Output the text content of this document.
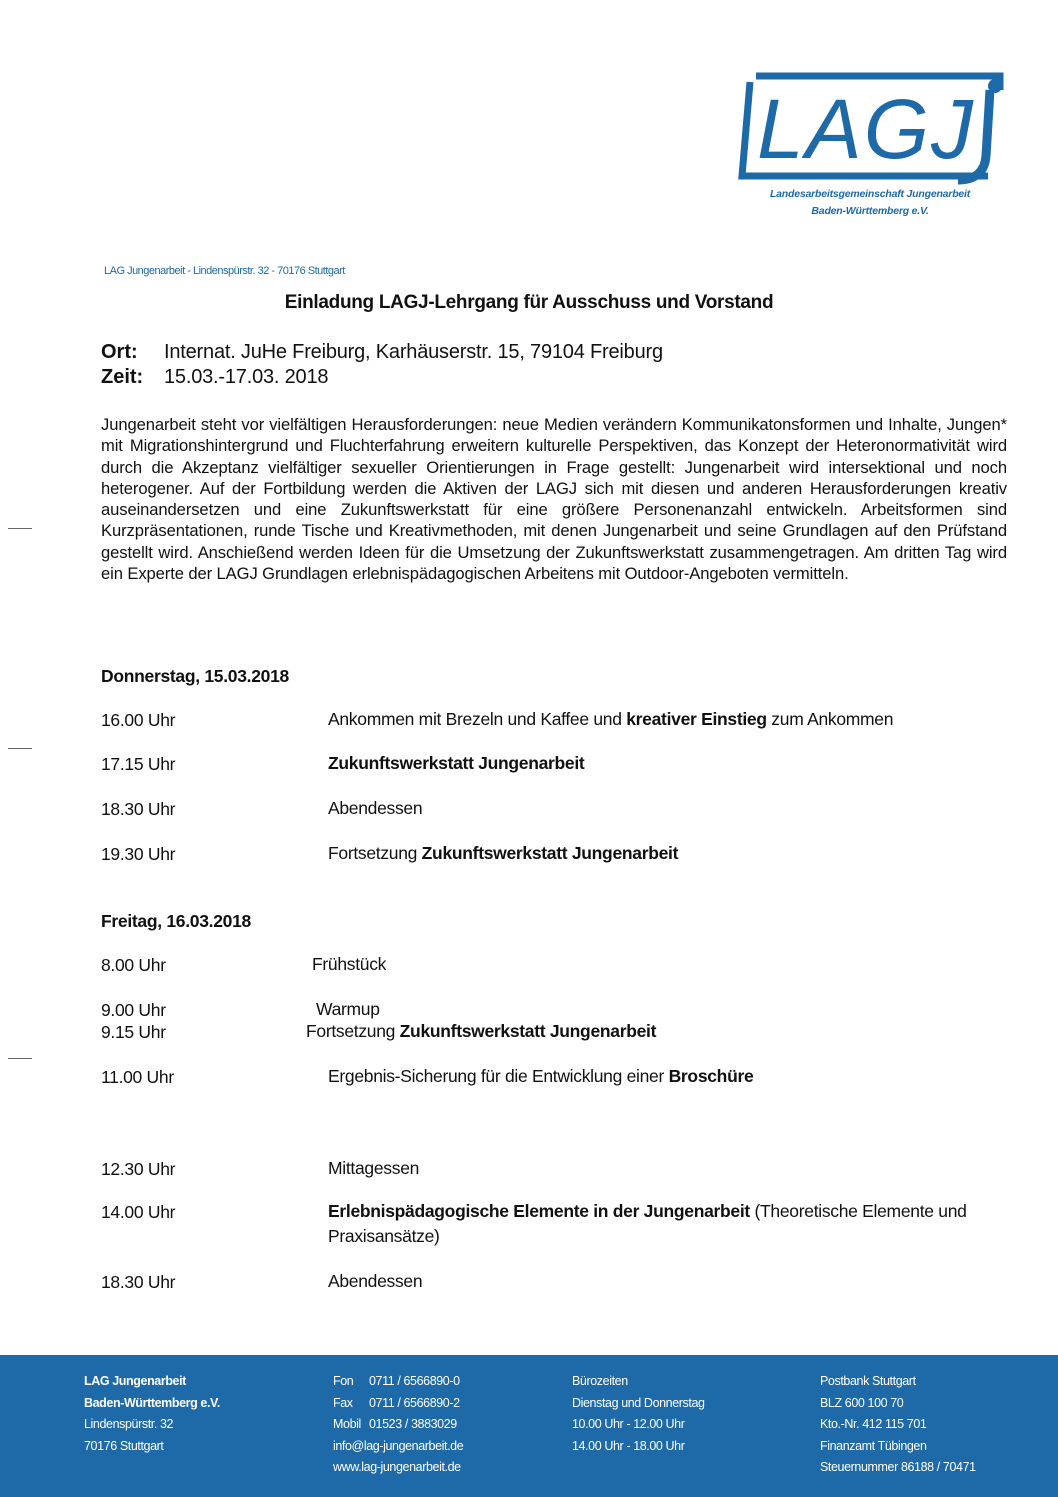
LAGJ
Landesarbeitsgemeinschaft Jungenarbeit
Baden-Württemberg e.V.
LAG Jungenarbeit - Lindenspürstr. 32 - 70176 Stuttgart
Einladung LAGJ-Lehrgang für Ausschuss und Vorstand
Ort: Internat. JuHe Freiburg, Karhäuserstr. 15, 79104 Freiburg
Zeit: 15.03.-17.03. 2018
Jungenarbeit steht vor vielfältigen Herausforderungen: neue Medien verändern Kommunikatonsformen und Inhalte, Jungen* mit Migrationshintergrund und Fluchterfahrung erweitern kulturelle Perspektiven, das Konzept der Heteronormativität wird durch die Akzeptanz vielfältiger sexueller Orientierungen in Frage gestellt: Jungenarbeit wird intersektional und noch heterogener. Auf der Fortbildung werden die Aktiven der LAGJ sich mit diesen und anderen Herausforderungen kreativ auseinandersetzen und eine Zukunftswerkstatt für eine größere Personenanzahl entwickeln. Arbeitsformen sind Kurzpräsentationen, runde Tische und Kreativmethoden, mit denen Jungenarbeit und seine Grundlagen auf den Prüfstand gestellt wird. Anschießend werden Ideen für die Umsetzung der Zukunftswerkstatt zusammengetragen. Am dritten Tag wird ein Experte der LAGJ Grundlagen erlebnispädagogischen Arbeitens mit Outdoor-Angeboten vermitteln.
Donnerstag, 15.03.2018
16.00 Uhr	Ankommen mit Brezeln und Kaffee und kreativer Einstieg zum Ankommen
17.15 Uhr	Zukunftswerkstatt Jungenarbeit
18.30 Uhr	Abendessen
19.30 Uhr	Fortsetzung Zukunftswerkstatt Jungenarbeit
Freitag, 16.03.2018
8.00 Uhr	Frühstück
9.00 Uhr	Warmup
9.15 Uhr	Fortsetzung Zukunftswerkstatt Jungenarbeit
11.00 Uhr	Ergebnis-Sicherung für die Entwicklung einer Broschüre
12.30 Uhr	Mittagessen
14.00 Uhr	Erlebnispädagogische Elemente in der Jungenarbeit (Theoretische Elemente und Praxisansätze)
18.30 Uhr	Abendessen
LAG Jungenarbeit
Baden-Württemberg e.V.
Lindenspürstr. 32
70176 Stuttgart
Fon	0711 / 6566890-0
Fax	0711 / 6566890-2
Mobil	01523 / 3883029
info@lag-jungenarbeit.de	
www.lag-jungenarbeit.de	
Bürozeiten
Dienstag und Donnerstag
10.00 Uhr - 12.00 Uhr
14.00 Uhr - 18.00 Uhr
Postbank Stuttgart
BLZ 600 100 70
Kto.-Nr. 412 115 701
Finanzamt Tübingen
Steuernummer 86188 / 70471
